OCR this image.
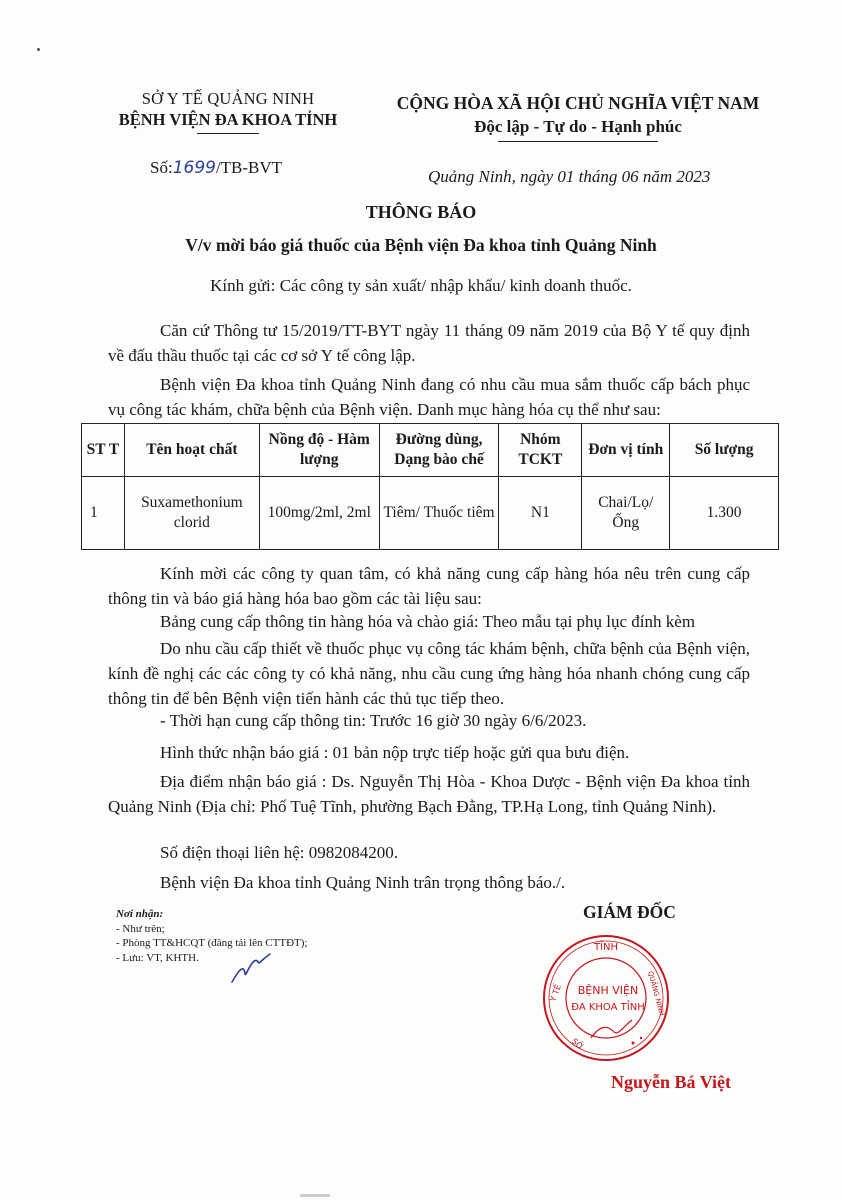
SỞ Y TẾ QUẢNG NINH
BỆNH VIỆN ĐA KHOA TỈNH
CỘNG HÒA XÃ HỘI CHỦ NGHĨA VIỆT NAM
Độc lập - Tự do - Hạnh phúc
Số:1699/TB-BVT	Quảng Ninh, ngày 01 tháng 06 năm 2023
THÔNG BÁO
V/v mời báo giá thuốc của Bệnh viện Đa khoa tỉnh Quảng Ninh
Kính gửi: Các công ty sản xuất/ nhập khẩu/ kinh doanh thuốc.
Căn cứ Thông tư 15/2019/TT-BYT ngày 11 tháng 09 năm 2019 của Bộ Y tế quy định về đấu thầu thuốc tại các cơ sở Y tế công lập.
Bệnh viện Đa khoa tỉnh Quảng Ninh đang có nhu cầu mua sắm thuốc cấp bách phục vụ công tác khám, chữa bệnh của Bệnh viện. Danh mục hàng hóa cụ thể như sau:
ST T	Tên hoạt chất	Nồng độ - Hàm lượng	Đường dùng, Dạng bào chế	Nhóm TCKT	Đơn vị tính	Số lượng
1	Suxamethonium clorid	100mg/2ml, 2ml	Tiêm/ Thuốc tiêm	N1	Chai/Lọ/ Ống	1.300
Kính mời các công ty quan tâm, có khả năng cung cấp hàng hóa nêu trên cung cấp thông tin và báo giá hàng hóa bao gồm các tài liệu sau:
Bảng cung cấp thông tin hàng hóa và chào giá: Theo mẫu tại phụ lục đính kèm
Do nhu cầu cấp thiết về thuốc phục vụ công tác khám bệnh, chữa bệnh của Bệnh viện, kính đề nghị các các công ty có khả năng, nhu cầu cung ứng hàng hóa nhanh chóng cung cấp thông tin để bên Bệnh viện tiến hành các thủ tục tiếp theo.
- Thời hạn cung cấp thông tin: Trước 16 giờ 30 ngày 6/6/2023.
Hình thức nhận báo giá : 01 bản nộp trực tiếp hoặc gửi qua bưu điện.
Địa điểm nhận báo giá : Ds. Nguyễn Thị Hòa - Khoa Dược - Bệnh viện Đa khoa tỉnh Quảng Ninh (Địa chỉ: Phố Tuệ Tĩnh, phường Bạch Đằng, TP.Hạ Long, tỉnh Quảng Ninh).
Số điện thoại liên hệ: 0982084200.
Bệnh viện Đa khoa tỉnh Quảng Ninh trân trọng thông báo./.
Nơi nhận:
- Như trên;
- Phòng TT&HCQT (đăng tải lên CTTĐT);
- Lưu: VT, KHTH.
GIÁM ĐỐC
TỈNH
Y TẾ	QUẢNG NINH
SỞ
BỆNH VIỆN
ĐA KHOA TỈNH
Nguyễn Bá Việt
